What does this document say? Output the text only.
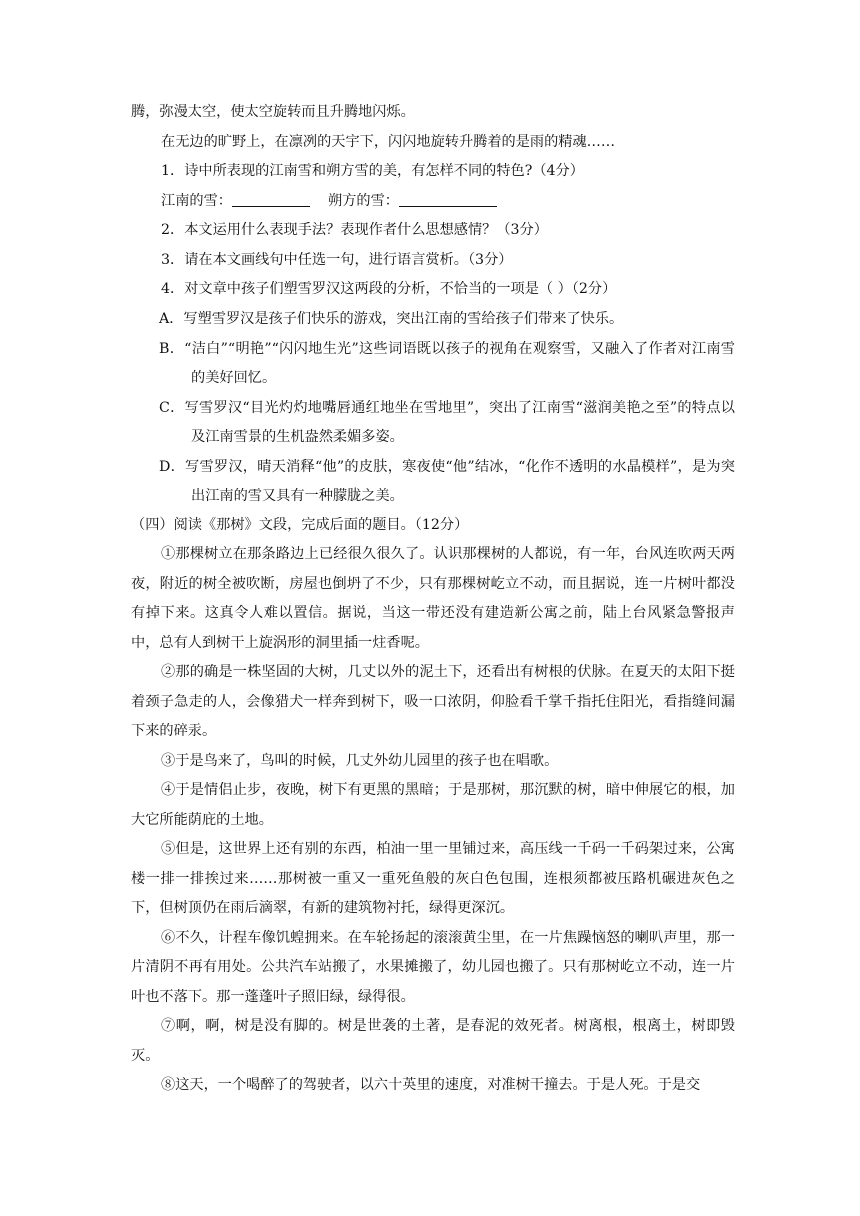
腾，弥漫太空，使太空旋转而且升腾地闪烁。

在无边的旷野上，在凛冽的天宇下，闪闪地旋转升腾着的是雨的精魂……

1．诗中所表现的江南雪和朔方雪的美，有怎样不同的特色?（4分）

江南的雪：	朔方的雪：

2．本文运用什么表现手法？表现作者什么思想感情？（3分）

3．请在本文画线句中任选一句，进行语言赏析。（3分）

4．对文章中孩子们塑雪罗汉这两段的分析，不恰当的一项是（ ）（2分）

A．写塑雪罗汉是孩子们快乐的游戏，突出江南的雪给孩子们带来了快乐。

B．“洁白”“明艳”“闪闪地生光”这些词语既以孩子的视角在观察雪，又融入了作者对江南雪的美好回忆。

C．写雪罗汉“目光灼灼地嘴唇通红地坐在雪地里”，突出了江南雪“滋润美艳之至”的特点以及江南雪景的生机盎然柔媚多姿。

D．写雪罗汉，晴天消释“他”的皮肤，寒夜使“他”结冰，“化作不透明的水晶模样”，是为突出江南的雪又具有一种朦胧之美。

（四）阅读《那树》文段，完成后面的题目。（12分）

①那棵树立在那条路边上已经很久很久了。认识那棵树的人都说，有一年，台风连吹两天两夜，附近的树全被吹断，房屋也倒坍了不少，只有那棵树屹立不动，而且据说，连一片树叶都没有掉下来。这真令人难以置信。据说，当这一带还没有建造新公寓之前，陆上台风紧急警报声中，总有人到树干上旋涡形的洞里插一炷香呢。

②那的确是一株坚固的大树，几丈以外的泥土下，还看出有树根的伏脉。在夏天的太阳下挺着颈子急走的人，会像猎犬一样奔到树下，吸一口浓阴，仰脸看千掌千指托住阳光，看指缝间漏下来的碎汞。

③于是鸟来了，鸟叫的时候，几丈外幼儿园里的孩子也在唱歌。

④于是情侣止步，夜晚，树下有更黑的黑暗；于是那树，那沉默的树，暗中伸展它的根，加大它所能荫庇的土地。

⑤但是，这世界上还有别的东西，柏油一里一里铺过来，高压线一千码一千码架过来，公寓楼一排一排挨过来……那树被一重又一重死鱼般的灰白色包围，连根须都被压路机碾进灰色之下，但树顶仍在雨后滴翠，有新的建筑物衬托，绿得更深沉。

⑥不久，计程车像饥蝗拥来。在车轮扬起的滚滚黄尘里，在一片焦躁恼怒的喇叭声里，那一片清阴不再有用处。公共汽车站搬了，水果摊搬了，幼儿园也搬了。只有那树屹立不动，连一片叶也不落下。那一蓬蓬叶子照旧绿，绿得很。

⑦啊，啊，树是没有脚的。树是世袭的土著，是春泥的效死者。树离根，根离土，树即毁灭。

⑧这天，一个喝醉了的驾驶者，以六十英里的速度，对准树干撞去。于是人死。于是交
